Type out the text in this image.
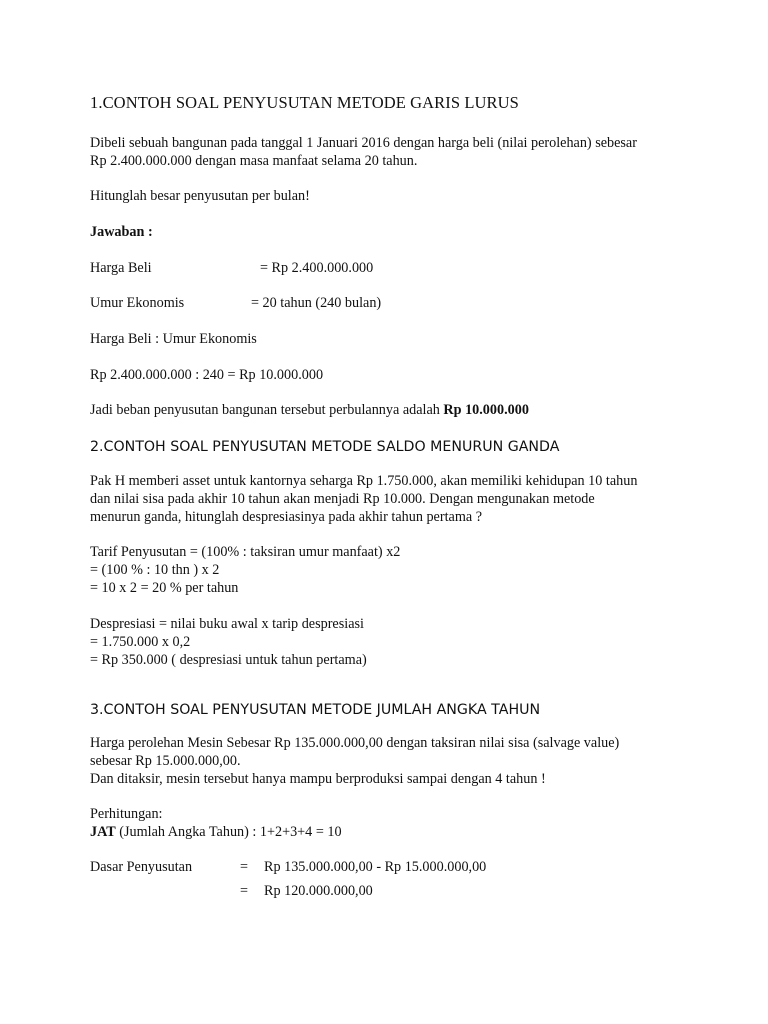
1.CONTOH SOAL PENYUSUTAN METODE GARIS LURUS
Dibeli sebuah bangunan pada tanggal 1 Januari 2016 dengan harga beli (nilai perolehan) sebesar
Rp 2.400.000.000 dengan masa manfaat selama 20 tahun.
Hitunglah besar penyusutan per bulan!
Jawaban :
Harga Beli	= Rp 2.400.000.000
Umur Ekonomis	= 20 tahun (240 bulan)
Harga Beli : Umur Ekonomis
Rp 2.400.000.000 : 240 = Rp 10.000.000
Jadi beban penyusutan bangunan tersebut perbulannya adalah Rp 10.000.000
2.CONTOH SOAL PENYUSUTAN METODE SALDO MENURUN GANDA
Pak H memberi asset untuk kantornya seharga Rp 1.750.000, akan memiliki kehidupan 10 tahun
dan nilai sisa pada akhir 10 tahun akan menjadi Rp 10.000. Dengan mengunakan metode
menurun ganda, hitunglah despresiasinya pada akhir tahun pertama ?
Tarif Penyusutan = (100% : taksiran umur manfaat) x2
= (100 % : 10 thn ) x 2
= 10 x 2 = 20 % per tahun
Despresiasi = nilai buku awal x tarip despresiasi
= 1.750.000 x 0,2
= Rp 350.000 ( despresiasi untuk tahun pertama)
3.CONTOH SOAL PENYUSUTAN METODE JUMLAH ANGKA TAHUN
Harga perolehan Mesin Sebesar Rp 135.000.000,00 dengan taksiran nilai sisa (salvage value)
sebesar Rp 15.000.000,00.
Dan ditaksir, mesin tersebut hanya mampu berproduksi sampai dengan 4 tahun !
Perhitungan:
JAT (Jumlah Angka Tahun) : 1+2+3+4 = 10
Dasar Penyusutan	= Rp 135.000.000,00 - Rp 15.000.000,00
= Rp 120.000.000,00
